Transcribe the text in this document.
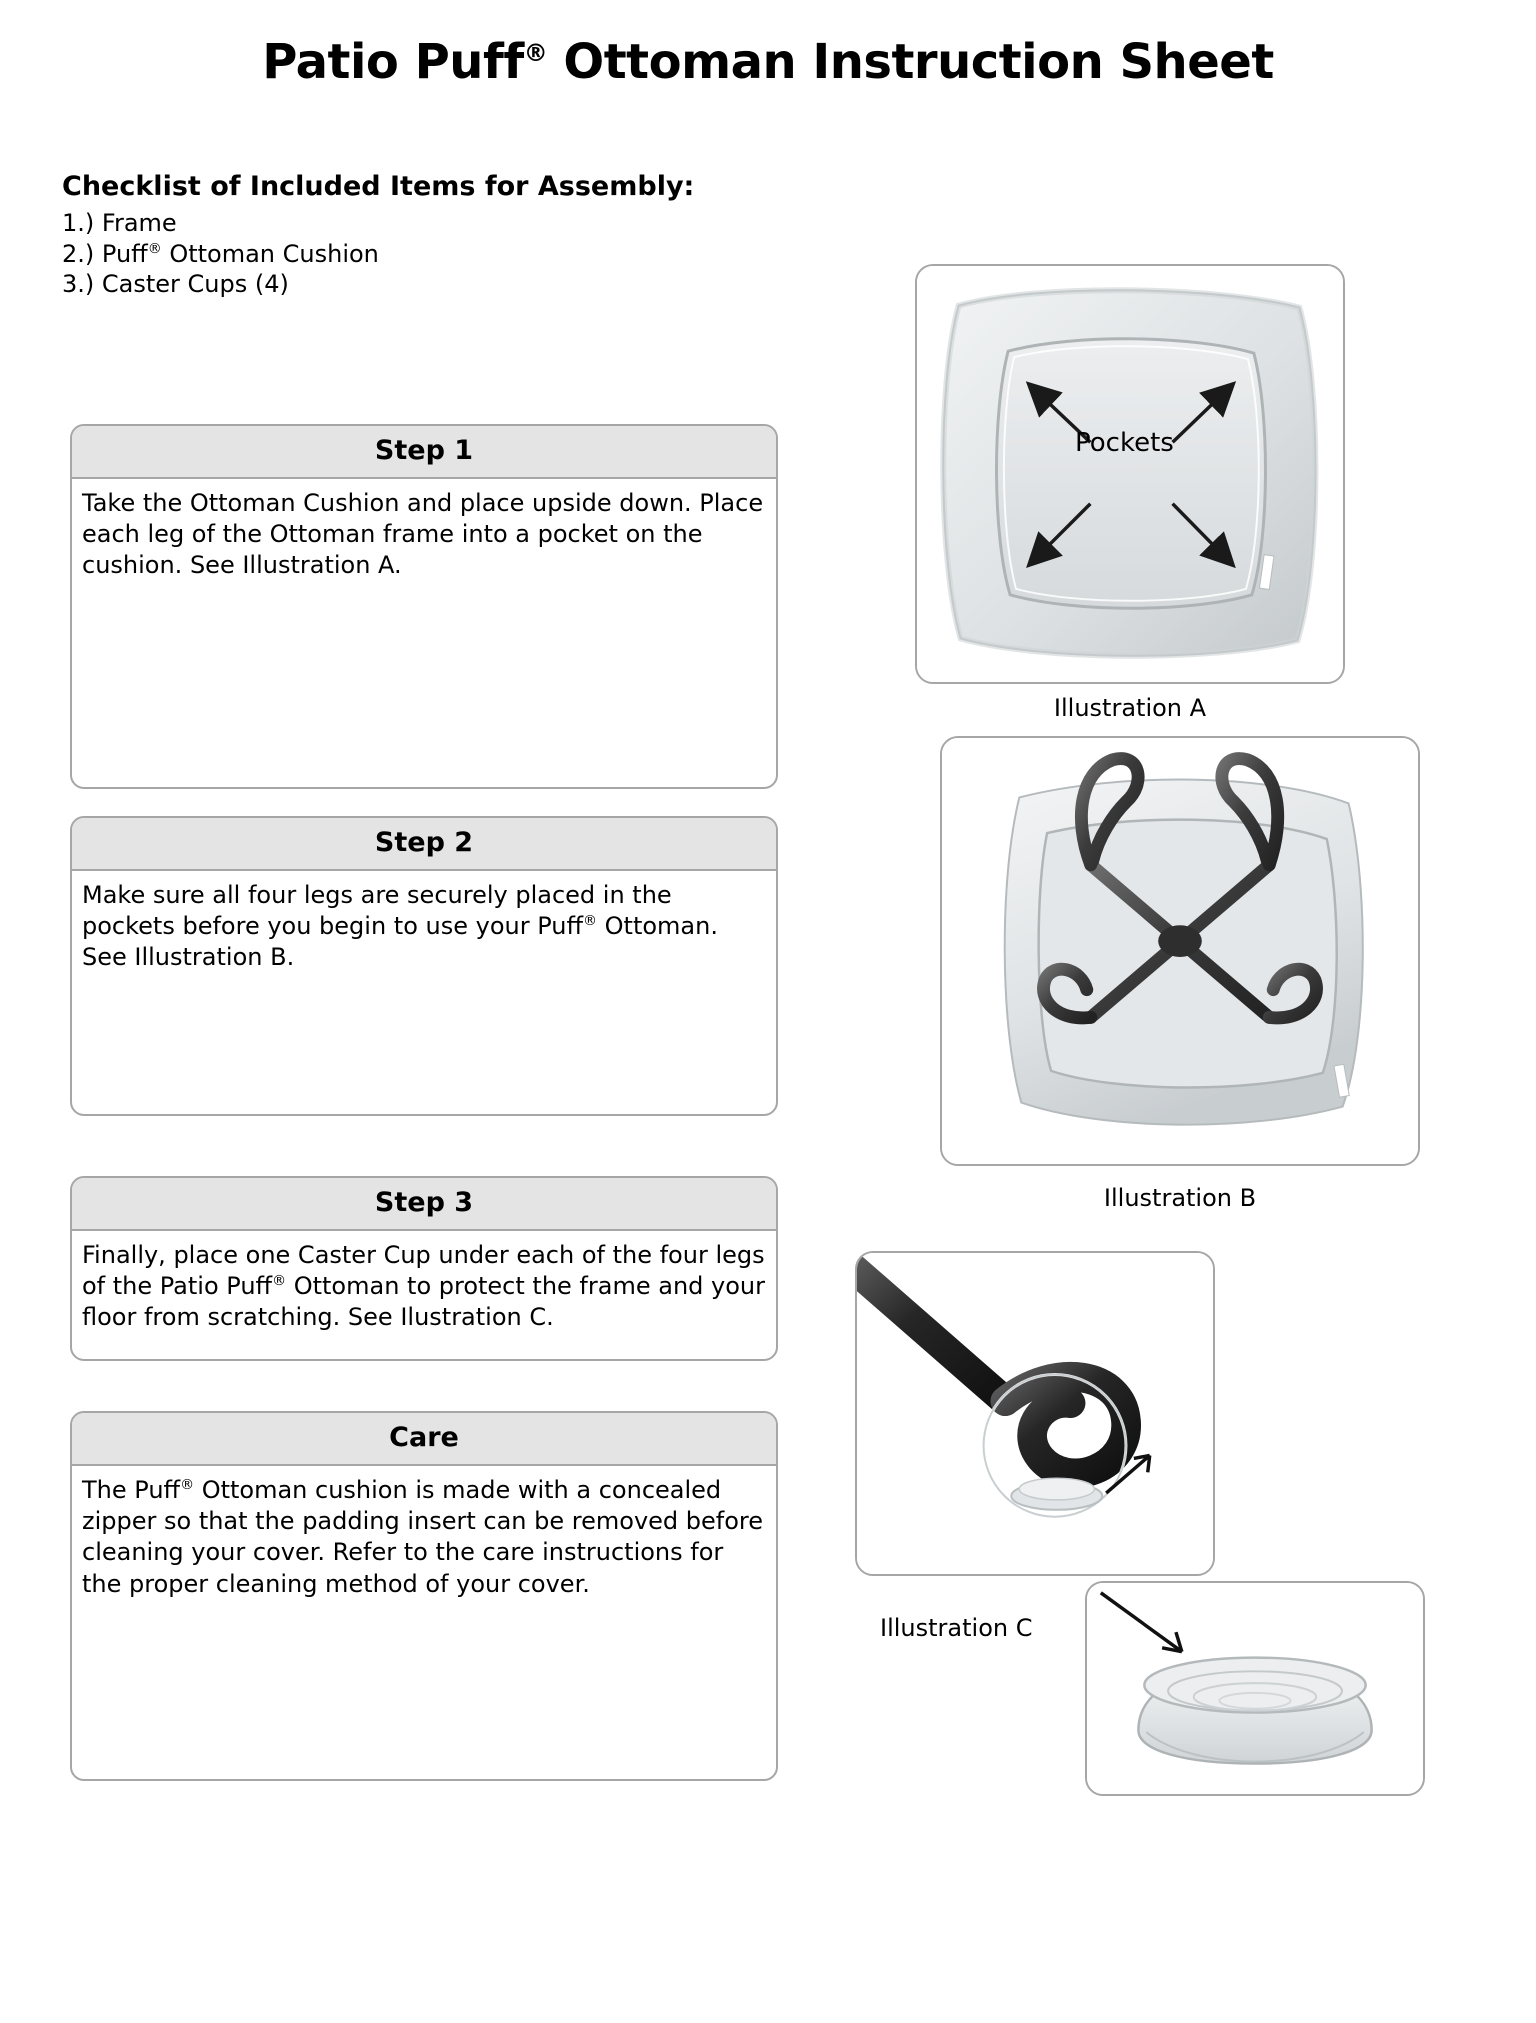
Patio Puff® Ottoman Instruction Sheet
Checklist of Included Items for Assembly:
1.) Frame
2.) Puff® Ottoman Cushion
3.) Caster Cups (4)
Step 1
Take the Ottoman Cushion and place upside down. Place each leg of the Ottoman frame into a pocket on the cushion. See Illustration A.
Step 2
Make sure all four legs are securely placed in the pockets before you begin to use your Puff® Ottoman. See Illustration B.
Step 3
Finally, place one Caster Cup under each of the four legs of the Patio Puff® Ottoman to protect the frame and your floor from scratching. See Ilustration C.
Care
The Puff® Ottoman cushion is made with a concealed zipper so that the padding insert can be removed before cleaning your cover. Refer to the care instructions for the proper cleaning method of your cover.
Pockets
Illustration A
Illustration B
Illustration C
